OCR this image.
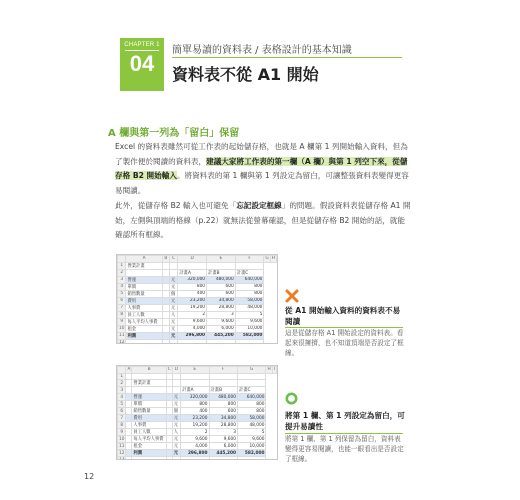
CHAPTER 1
04
簡單易讀的資料表 / 表格設計的基本知識
資料表不從 A1 開始
A 欄與第一列為「留白」保留
Excel 的資料表雖然可從工作表的起始儲存格，也就是 A 欄第 1 列開始輸入資料，但為了製作便於閱讀的資料表，建議大家將工作表的第一欄（A 欄）與第 1 列空下來，從儲存格 B2 開始輸入。將資料表的第 1 欄與第 1 列設定為留白，可讓整張資料表變得更容易閱讀。
此外，從儲存格 B2 輸入也可避免「忘記設定框線」的問題。假設資料表從儲存格 A1 開始，左側與頂端的格線（p.22）就無法從螢幕確認，但是從儲存格 B2 開始的話，就能確認所有框線。
	A	B	C	D	E	F	G	H
1	營業計畫							
2				計畫A	計畫B	計畫C		
3	營運		元	320,000	480,000	640,000		
4	單價		元	800	600	800		
5	銷售數量		個	400	600	800		
6	費用		元	23,200	34,800	58,000		
7	人事費		元	19,200	28,800	48,000		
8	員工人數		人	2	3	5		
9	每人平均人事費		元	9,600	9,600	9,600		
10	租金		元	4,000	6,000	10,000		
11	利潤		元	296,800	445,200	582,000		
12								
	A	B	C	D	E	F	G	H	I
1									
2		營業計畫							
3					計畫A	計畫B	計畫C		
4		營運		元	320,000	480,000	640,000		
5		單價		元	800	800	800		
6		銷售數量		個	400	600	800		
7		費用		元	23,200	34,800	58,000		
8		人事費		元	19,200	28,800	48,000		
9		員工人數		人	2	3	5		
10		每人平均人事費		元	9,600	9,600	9,600		
11		租金		元	4,000	6,000	10,000		
12		利潤		元	296,800	445,200	582,000		
13									
從 A1 開始輸入資料的資料表不易閱讀
這是從儲存格 A1 開始設定的資料表。看起來很擁擠，也不知道頂端是否設定了框線。
將第 1 欄、第 1 列設定為留白，可提升易讀性
將第 1 欄、第 1 列保留為留白，資料表變得更容易閱讀，也能一眼看出是否設定了框線。
12
